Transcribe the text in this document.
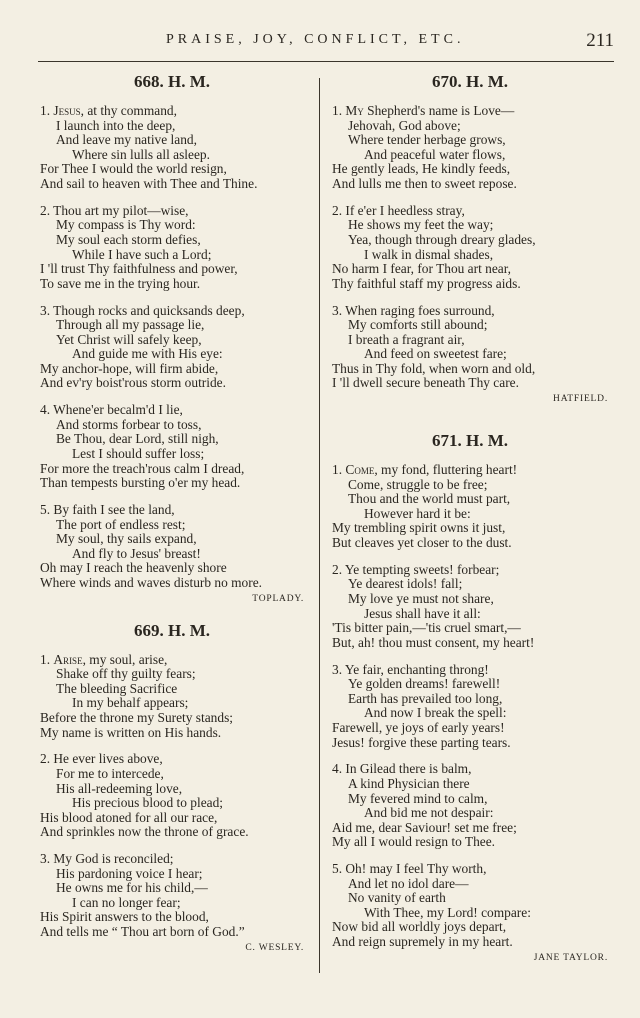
PRAISE, JOY, CONFLICT, ETC.	211
668. H. M.
1. Jesus, at thy command,
I launch into the deep,
And leave my native land,
Where sin lulls all asleep.
For Thee I would the world resign,
And sail to heaven with Thee and Thine.
2. Thou art my pilot—wise,
My compass is Thy word:
My soul each storm defies,
While I have such a Lord;
I 'll trust Thy faithfulness and power,
To save me in the trying hour.
3. Though rocks and quicksands deep,
Through all my passage lie,
Yet Christ will safely keep,
And guide me with His eye:
My anchor-hope, will firm abide,
And ev'ry boist'rous storm outride.
4. Whene'er becalm'd I lie,
And storms forbear to toss,
Be Thou, dear Lord, still nigh,
Lest I should suffer loss;
For more the treach'rous calm I dread,
Than tempests bursting o'er my head.
5. By faith I see the land,
The port of endless rest;
My soul, thy sails expand,
And fly to Jesus' breast!
Oh may I reach the heavenly shore
Where winds and waves disturb no more.
TOPLADY.
669. H. M.
1. Arise, my soul, arise,
Shake off thy guilty fears;
The bleeding Sacrifice
In my behalf appears;
Before the throne my Surety stands;
My name is written on His hands.
2. He ever lives above,
For me to intercede,
His all-redeeming love,
His precious blood to plead;
His blood atoned for all our race,
And sprinkles now the throne of grace.
3. My God is reconciled;
His pardoning voice I hear;
He owns me for his child,—
I can no longer fear;
His Spirit answers to the blood,
And tells me “ Thou art born of God.”
C. WESLEY.
670. H. M.
1. My Shepherd's name is Love—
Jehovah, God above;
Where tender herbage grows,
And peaceful water flows,
He gently leads, He kindly feeds,
And lulls me then to sweet repose.
2. If e'er I heedless stray,
He shows my feet the way;
Yea, though through dreary glades,
I walk in dismal shades,
No harm I fear, for Thou art near,
Thy faithful staff my progress aids.
3. When raging foes surround,
My comforts still abound;
I breath a fragrant air,
And feed on sweetest fare;
Thus in Thy fold, when worn and old,
I 'll dwell secure beneath Thy care.
HATFIELD.
671. H. M.
1. Come, my fond, fluttering heart!
Come, struggle to be free;
Thou and the world must part,
However hard it be:
My trembling spirit owns it just,
But cleaves yet closer to the dust.
2. Ye tempting sweets! forbear;
Ye dearest idols! fall;
My love ye must not share,
Jesus shall have it all:
'Tis bitter pain,—'tis cruel smart,—
But, ah! thou must consent, my heart!
3. Ye fair, enchanting throng!
Ye golden dreams! farewell!
Earth has prevailed too long,
And now I break the spell:
Farewell, ye joys of early years!
Jesus! forgive these parting tears.
4. In Gilead there is balm,
A kind Physician there
My fevered mind to calm,
And bid me not despair:
Aid me, dear Saviour! set me free;
My all I would resign to Thee.
5. Oh! may I feel Thy worth,
And let no idol dare—
No vanity of earth
With Thee, my Lord! compare:
Now bid all worldly joys depart,
And reign supremely in my heart.
JANE TAYLOR.
